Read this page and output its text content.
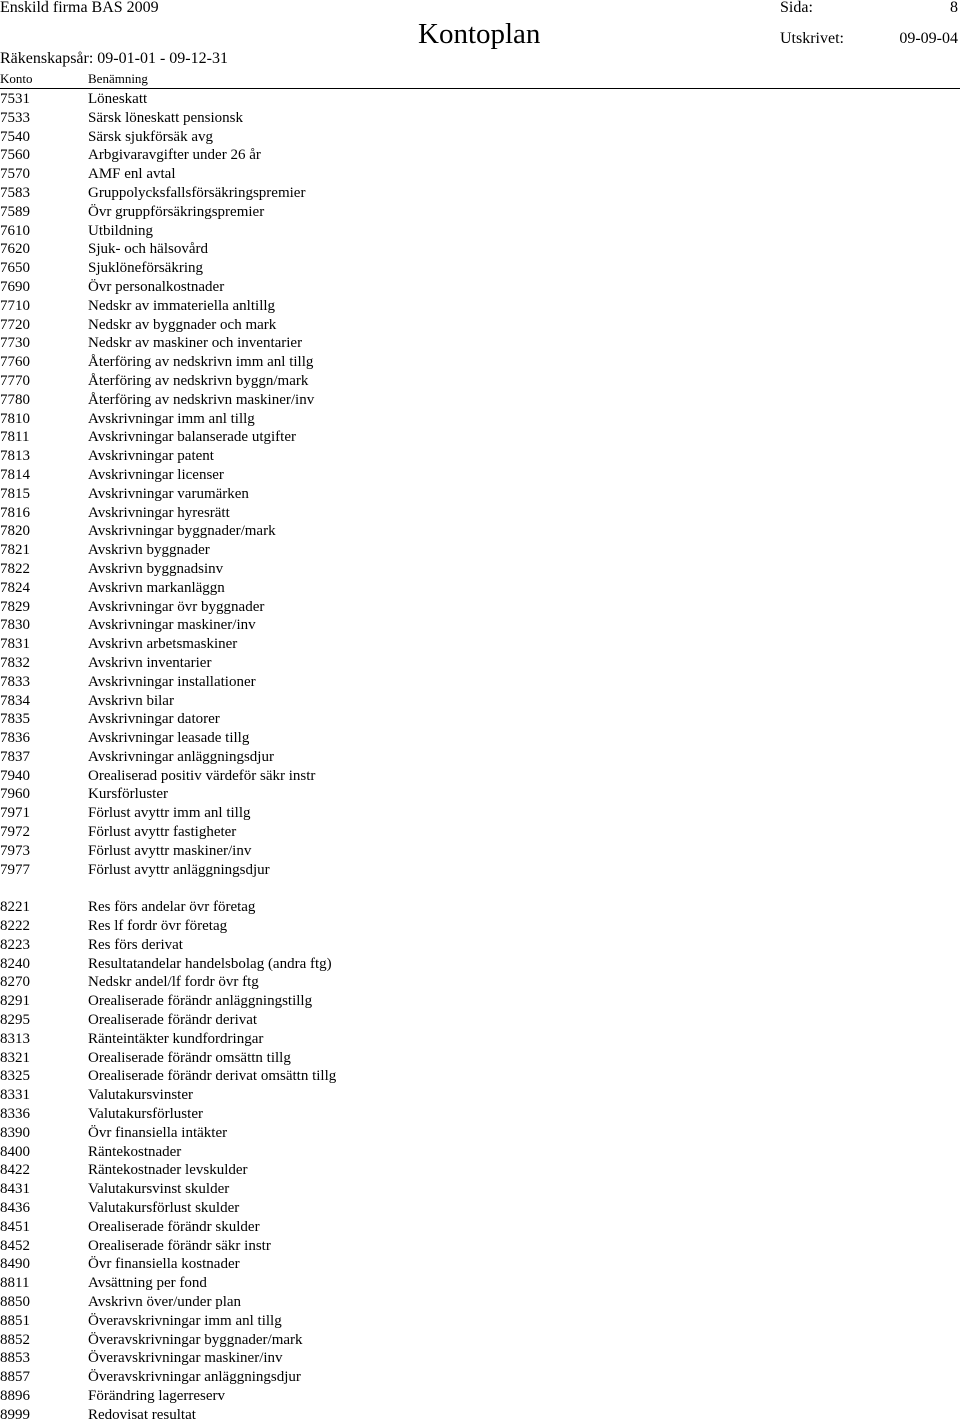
Enskild firma BAS 2009	Sida:	8
Kontoplan
Räkenskapsår: 09-01-01 - 09-12-31
Utskrivet:	09-09-04
Konto	Benämning
7531	Löneskatt
7533	Särsk löneskatt pensionsk
7540	Särsk sjukförsäk avg
7560	Arbgivaravgifter under 26 år
7570	AMF enl avtal
7583	Gruppolycksfallsförsäkringspremier
7589	Övr gruppförsäkringspremier
7610	Utbildning
7620	Sjuk- och hälsovård
7650	Sjuklöneförsäkring
7690	Övr personalkostnader
7710	Nedskr av immateriella anltillg
7720	Nedskr av byggnader och mark
7730	Nedskr av maskiner och inventarier
7760	Återföring av nedskrivn imm anl tillg
7770	Återföring av nedskrivn byggn/mark
7780	Återföring av nedskrivn maskiner/inv
7810	Avskrivningar imm anl tillg
7811	Avskrivningar balanserade utgifter
7813	Avskrivningar patent
7814	Avskrivningar licenser
7815	Avskrivningar varumärken
7816	Avskrivningar hyresrätt
7820	Avskrivningar byggnader/mark
7821	Avskrivn byggnader
7822	Avskrivn byggnadsinv
7824	Avskrivn markanläggn
7829	Avskrivningar övr byggnader
7830	Avskrivningar maskiner/inv
7831	Avskrivn arbetsmaskiner
7832	Avskrivn inventarier
7833	Avskrivningar installationer
7834	Avskrivn bilar
7835	Avskrivningar datorer
7836	Avskrivningar leasade tillg
7837	Avskrivningar anläggningsdjur
7940	Orealiserad positiv värdeför säkr instr
7960	Kursförluster
7971	Förlust avyttr imm anl tillg
7972	Förlust avyttr fastigheter
7973	Förlust avyttr maskiner/inv
7977	Förlust avyttr anläggningsdjur
8221	Res förs andelar övr företag
8222	Res lf fordr övr företag
8223	Res förs derivat
8240	Resultatandelar handelsbolag (andra ftg)
8270	Nedskr andel/lf fordr övr ftg
8291	Orealiserade förändr anläggningstillg
8295	Orealiserade förändr derivat
8313	Ränteintäkter kundfordringar
8321	Orealiserade förändr omsättn tillg
8325	Orealiserade förändr derivat omsättn tillg
8331	Valutakursvinster
8336	Valutakursförluster
8390	Övr finansiella intäkter
8400	Räntekostnader
8422	Räntekostnader levskulder
8431	Valutakursvinst skulder
8436	Valutakursförlust skulder
8451	Orealiserade förändr skulder
8452	Orealiserade förändr säkr instr
8490	Övr finansiella kostnader
8811	Avsättning per fond
8850	Avskrivn över/under plan
8851	Överavskrivningar imm anl tillg
8852	Överavskrivningar byggnader/mark
8853	Överavskrivningar maskiner/inv
8857	Överavskrivningar anläggningsdjur
8896	Förändring lagerreserv
8999	Redovisat resultat
